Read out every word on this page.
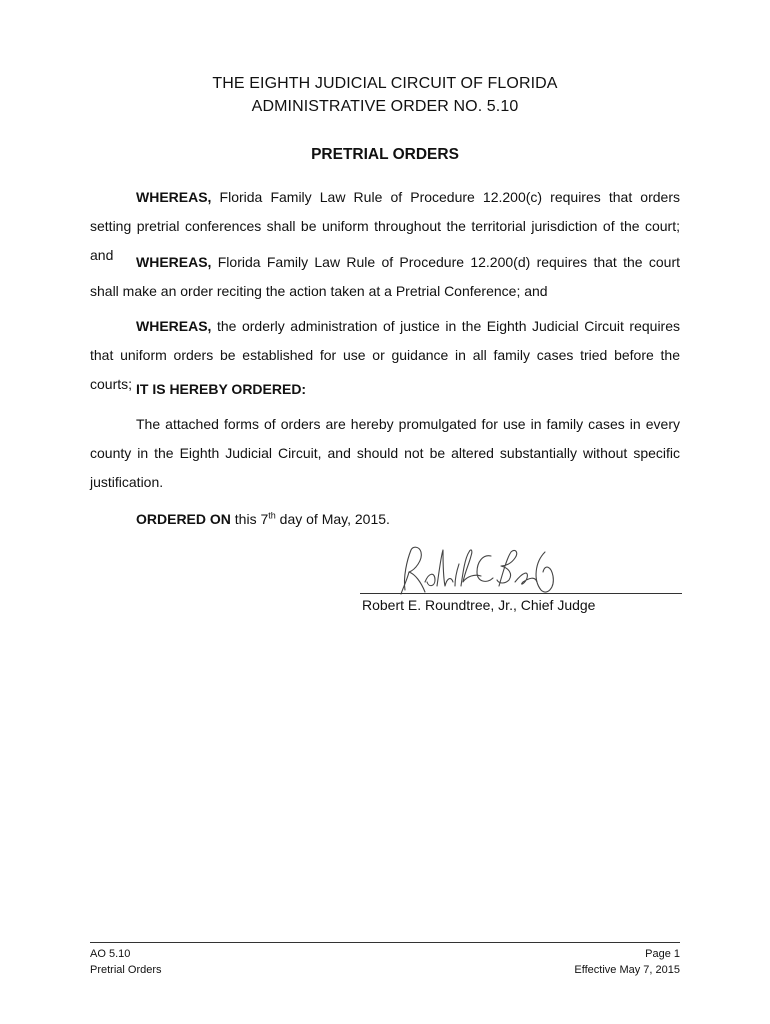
THE EIGHTH JUDICIAL CIRCUIT OF FLORIDA
ADMINISTRATIVE ORDER NO. 5.10
PRETRIAL ORDERS
WHEREAS, Florida Family Law Rule of Procedure 12.200(c) requires that orders setting pretrial conferences shall be uniform throughout the territorial jurisdiction of the court; and	WHEREAS, Florida Family Law Rule of Procedure 12.200(d) requires that the court shall make an order reciting the action taken at a Pretrial Conference; and
WHEREAS, the orderly administration of justice in the Eighth Judicial Circuit requires that uniform orders be established for use or guidance in all family cases tried before the courts; IT IS HEREBY ORDERED:
The attached forms of orders are hereby promulgated for use in family cases in every county in the Eighth Judicial Circuit, and should not be altered substantially without specific justification.
ORDERED ON this 7th day of May, 2015.
Robert E. Roundtree, Jr., Chief Judge
AO 5.10
Pretrial Orders
Page 1
Effective May 7, 2015
